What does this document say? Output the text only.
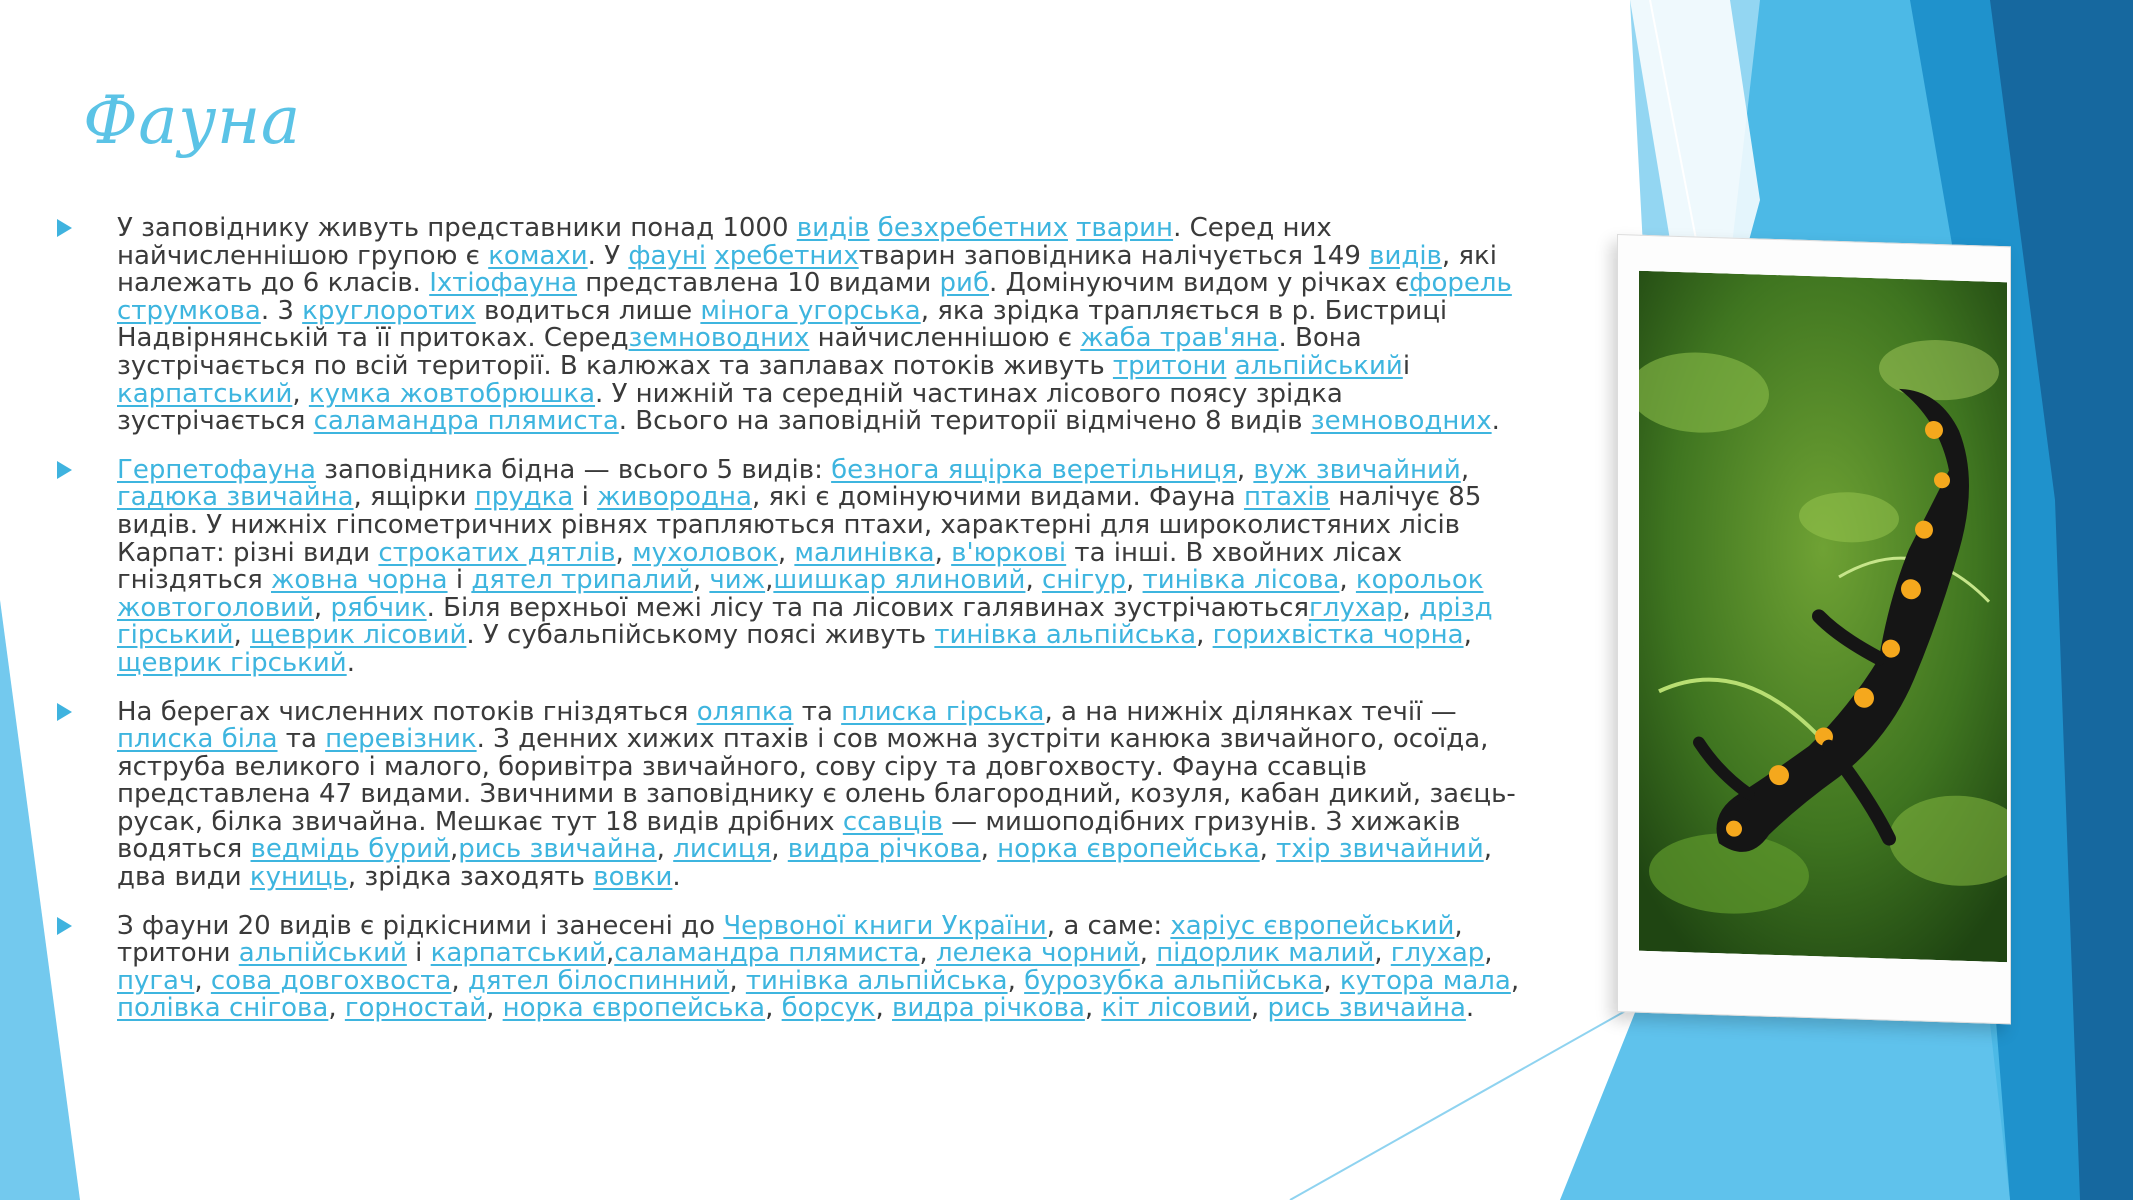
Фауна
У заповіднику живуть представники понад 1000 видів безхребетних тварин. Серед них найчисленнішою групою є комахи. У фауні хребетнихтварин заповідника налічується 149 видів, які належать до 6 класів. Іхтіофауна представлена 10 видами риб. Домінуючим видом у річках єфорель струмкова. 3 круглоротих водиться лише мінога угорська, яка зрідка трапляється в р. Бистриці Надвірнянській та її притоках. Середземноводних найчисленнішою є жаба трав'яна. Вона зустрічається по всій території. В калюжах та заплавах потоків живуть тритони альпійськийі карпатський, кумка жовтобрюшка. У нижній та середній частинах лісового поясу зрідка зустрічається саламандра плямиста. Всього на заповідній території відмічено 8 видів земноводних.
Герпетофауна заповідника бідна — всього 5 видів: безнога ящірка веретільниця, вуж звичайний, гадюка звичайна, ящірки прудка і живородна, які є домінуючими видами. Фауна птахів налічує 85 видів. У нижніх гіпсометричних рівнях трапляються птахи, характерні для широколистяних лісів Карпат: різні види строкатих дятлів, мухоловок, малинівка, в'юркові та інші. В хвойних лісах гніздяться жовна чорна і дятел трипалий, чиж,шишкар ялиновий, снігур, тинівка лісова, корольок жовтоголовий, рябчик. Біля верхньої межі лісу та па лісових галявинах зустрічаютьсяглухар, дрізд гірський, щеврик лісовий. У субальпійському поясі живуть тинівка альпійська, горихвістка чорна, щеврик гірський.
На берегах численних потоків гніздяться оляпка та плиска гірська, а на нижніх ділянках течії — плиска біла та перевізник. З денних хижих птахів і сов можна зустріти канюка звичайного, осоїда, яструба великого і малого, боривітра звичайного, сову сіру та довгохвосту. Фауна ссавців представлена 47 видами. Звичними в заповіднику є олень благородний, козуля, кабан дикий, заєць-русак, білка звичайна. Мешкає тут 18 видів дрібних ссавців — мишоподібних гризунів. З хижаків водяться ведмідь бурий,рись звичайна, лисиця, видра річкова, норка європейська, тхір звичайний, два види куниць, зрідка заходять вовки.
З фауни 20 видів є рідкісними і занесені до Червоної книги України, а саме: харіус європейський, тритони альпійський і карпатський,саламандра плямиста, лелека чорний, підорлик малий, глухар, пугач, сова довгохвоста, дятел білоспинний, тинівка альпійська, бурозубка альпійська, кутора мала, полівка снігова, горностай, норка європейська, борсук, видра річкова, кіт лісовий, рись звичайна.
